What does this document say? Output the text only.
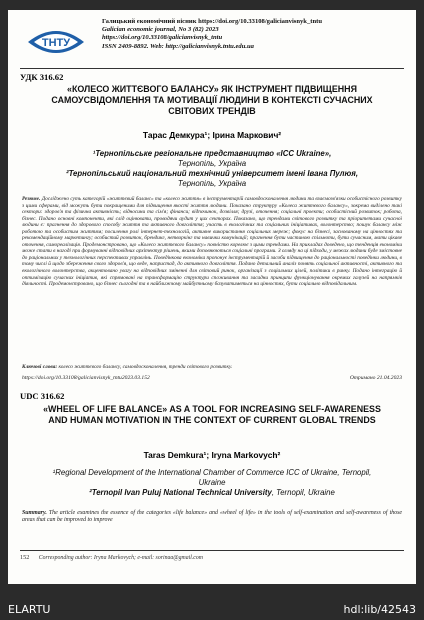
ТНТУ
Галицький економічний вісник https://doi.org/10.33108/galicianvisnyk_tntu
Galician economic journal, No 3 (82) 2023
https://doi.org/10.33108/galicianvisnyk_tntu
ISSN 2409-8892. Web: http://galicianvisnyk.tntu.edu.ua
УДК 316.62
«КОЛЕСО ЖИТТЄВОГО БАЛАНСУ» ЯК ІНСТРУМЕНТ ПІДВИЩЕННЯ САМОУСВІДОМЛЕННЯ ТА МОТИВАЦІЇ ЛЮДИНИ В КОНТЕКСТІ СУЧАСНИХ СВІТОВИХ ТРЕНДІВ
Тарас Демкура¹; Ірина Маркович²
¹Тернопільське регіональне представництво «ICC Ukraine»,
Тернопіль, Україна
²Тернопільський національний технічний університет імені Івана Пулюя,
Тернопіль, Україна
Резюме. Досліджено суть категорій «життєвий баланс» та «колесо життя» в інструментарій самовдосконалення людини та взаємозв'язки особистісного розвитку з цими сферами, від можуть бути покращеними для підвищення якості життя людини. Показано структуру «Колеса життєвого балансу», зокрема виділено такі сектори: здоров'я та фізична активність; відносини та сім'я; фінанси; відпочинок, дозвілля; друзі, оточення; соціальні проекти; особистісний розвиток; робота, бізнес. Подано основні компоненти, які слід оцінювати, проводячи аудит у цих секторах. Показано, що трендами світового розвитку та пріоритетами сучасної людини є: прагнення до здорового способу життя та активного довголіття; участь в екологічних та соціальних ініціативах, волонтерство; пошук балансу між роботою та особистим життям; посилення ролі інтернет-технологій, активне використання соціальних мереж; фокус на бізнесі, заснованому на цінностях та рекомендаційному маркетингу; особистий розвиток, брендинг, нетворкінг та навички комунікації; прагнення бути частиною спільноти, бути сучасним, мати цікаве оточення, самореалізація. Продемонстровано, що «Колесо життєвого балансу» повністю корелює з цими трендами. На прикладах доведено, що тенденція економіки може стати в нагоді при формуванні відповідних архітектур рішень, якими доповнюються соціальні програми. З огляду на ці підходи, у межах людини буде змістовне до раціональних у технологічних перспективах управлінь. Поведінкова економіка пропонує інструментарій й засоби підвищення до раціональності поведінки людини, в тому числі й щодо збереження свого здоров'я, що веде, напристад, до активного довголіття. Подано детальний аналіз понять соціальної активності, активного та екологічного волонтерства, акцентовано увагу на відповідних зміненні для світовий ринок, організації з соціальних цілей, політики в ринку. Подано інтеграцію й оптимізацію сучасних ініціатив, які спрямовані на трансформацію структури споживання та засадни принципи функціонування окремих галузей на напрямків діяльності. Продемонстровано, що бізнес сьогодні та в найближчому майбутньому базуватиметься на цінностях, бути соціально відповідальним.
Ключові слова: колесо життєвого балансу, самовдосконалення, тренди світового розвитку.
https://doi.org/10.33108/galicianvisnyk_tntu2023.03.152	Отримано 21.04.2023
UDC 316.62
«WHEEL OF LIFE BALANCE» AS A TOOL FOR INCREASING SELF-AWARENESS AND HUMAN MOTIVATION IN THE CONTEXT OF CURRENT GLOBAL TRENDS
Taras Demkura¹; Iryna Markovych²
¹Regional Development of the International Chamber of Commerce ICC of Ukraine, Ternopil, Ukraine
²Ternopil Ivan Puluj National Technical University, Ternopil, Ukraine
Summary. The article examines the essence of the categories «life balance» and «wheel of life» in the tools of self-examination and self-awareness of those areas that can be improved to improve
152 Corresponding author: Iryna Markovych; e-mail: sorinaa@gmail.com
ELARTU	hdl:lib/42543
